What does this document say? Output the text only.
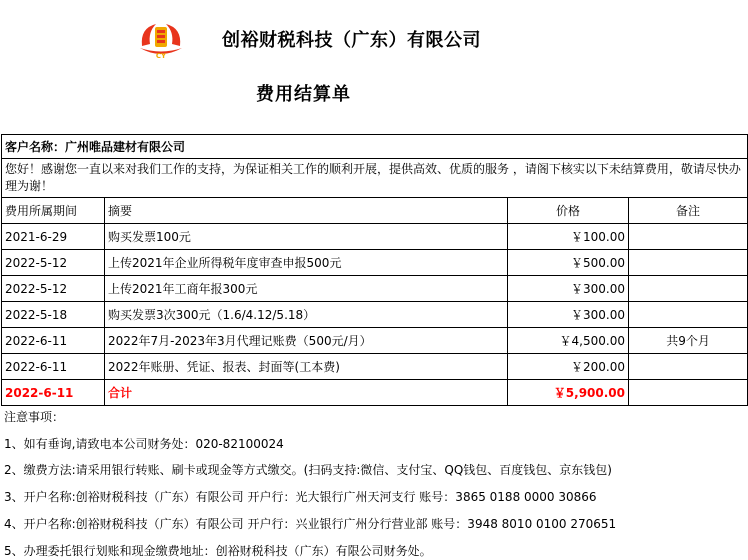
CY
创裕财税科技（广东）有限公司
费用结算单
客户名称：广州唯品建材有限公司			
您好！感谢您一直以来对我们工作的支持，为保证相关工作的顺利开展，提供高效、优质的服务 ，请阁下核实以下未结算费用，敬请尽快办理为谢！			
费用所属期间	摘要	价格	备注
2021-6-29	购买发票100元	￥100.00	
2022-5-12	上传2021年企业所得税年度审查申报500元	￥500.00	
2022-5-12	上传2021年工商年报300元	￥300.00	
2022-5-18	购买发票3次300元（1.6/4.12/5.18）	￥300.00	
2022-6-11	2022年7月-2023年3月代理记账费（500元/月）	￥4,500.00	共9个月
2022-6-11	2022年账册、凭证、报表、封面等(工本费)	￥200.00	
2022-6-11	合计	￥5,900.00	
注意事项：
1、如有垂询,请致电本公司财务处：020-82100024
2、缴费方法:请采用银行转账、刷卡或现金等方式缴交。(扫码支持:微信、支付宝、QQ钱包、百度钱包、京东钱包)
3、开户名称:创裕财税科技（广东）有限公司 开户行：光大银行广州天河支行 账号：3865 0188 0000 30866
4、开户名称:创裕财税科技（广东）有限公司 开户行：兴业银行广州分行营业部 账号：3948 8010 0100 270651
5、办理委托银行划账和现金缴费地址：创裕财税科技（广东）有限公司财务处。
